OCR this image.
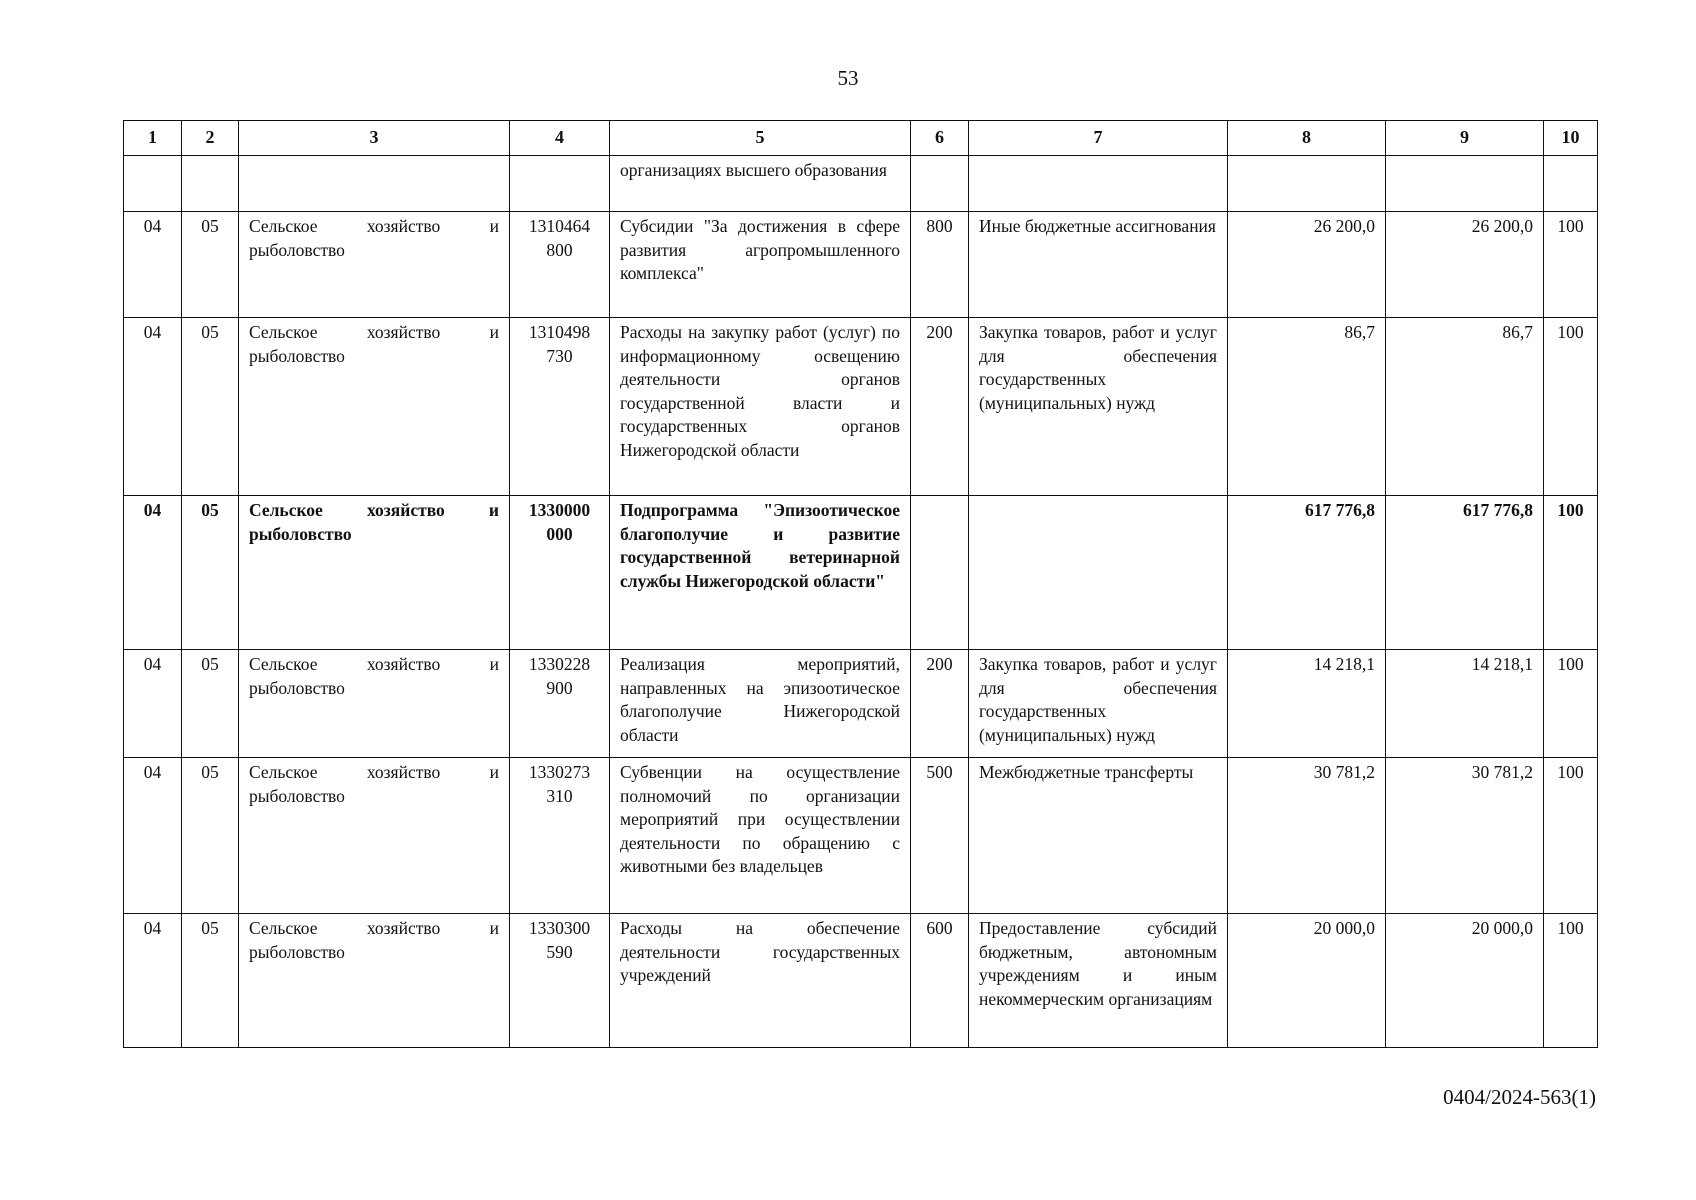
53
1	2	3	4	5	6	7	8	9	10
				организациях высшего образования					
04	05	Сельское хозяйство и рыболовство	1310464 800	Субсидии "За достижения в сфере развития агропромышленного комплекса"	800	Иные бюджетные ассигнования	26 200,0	26 200,0	100
04	05	Сельское хозяйство и рыболовство	1310498 730	Расходы на закупку работ (услуг) по информационному освещению деятельности органов государственной власти и государственных органов Нижегородской области	200	Закупка товаров, работ и услуг для обеспечения государственных (муниципальных) нужд	86,7	86,7	100
04	05	Сельское хозяйство и рыболовство	1330000 000	Подпрограмма "Эпизоотическое благополучие и развитие государственной ветеринарной службы Нижегородской области"			617 776,8	617 776,8	100
04	05	Сельское хозяйство и рыболовство	1330228 900	Реализация мероприятий, направленных на эпизоотическое благополучие Нижегородской области	200	Закупка товаров, работ и услуг для обеспечения государственных (муниципальных) нужд	14 218,1	14 218,1	100
04	05	Сельское хозяйство и рыболовство	1330273 310	Субвенции на осуществление полномочий по организации мероприятий при осуществлении деятельности по обращению с животными без владельцев	500	Межбюджетные трансферты	30 781,2	30 781,2	100
04	05	Сельское хозяйство и рыболовство	1330300 590	Расходы на обеспечение деятельности государственных учреждений	600	Предоставление субсидий бюджетным, автономным учреждениям и иным некоммерческим организациям	20 000,0	20 000,0	100
0404/2024-563(1)
